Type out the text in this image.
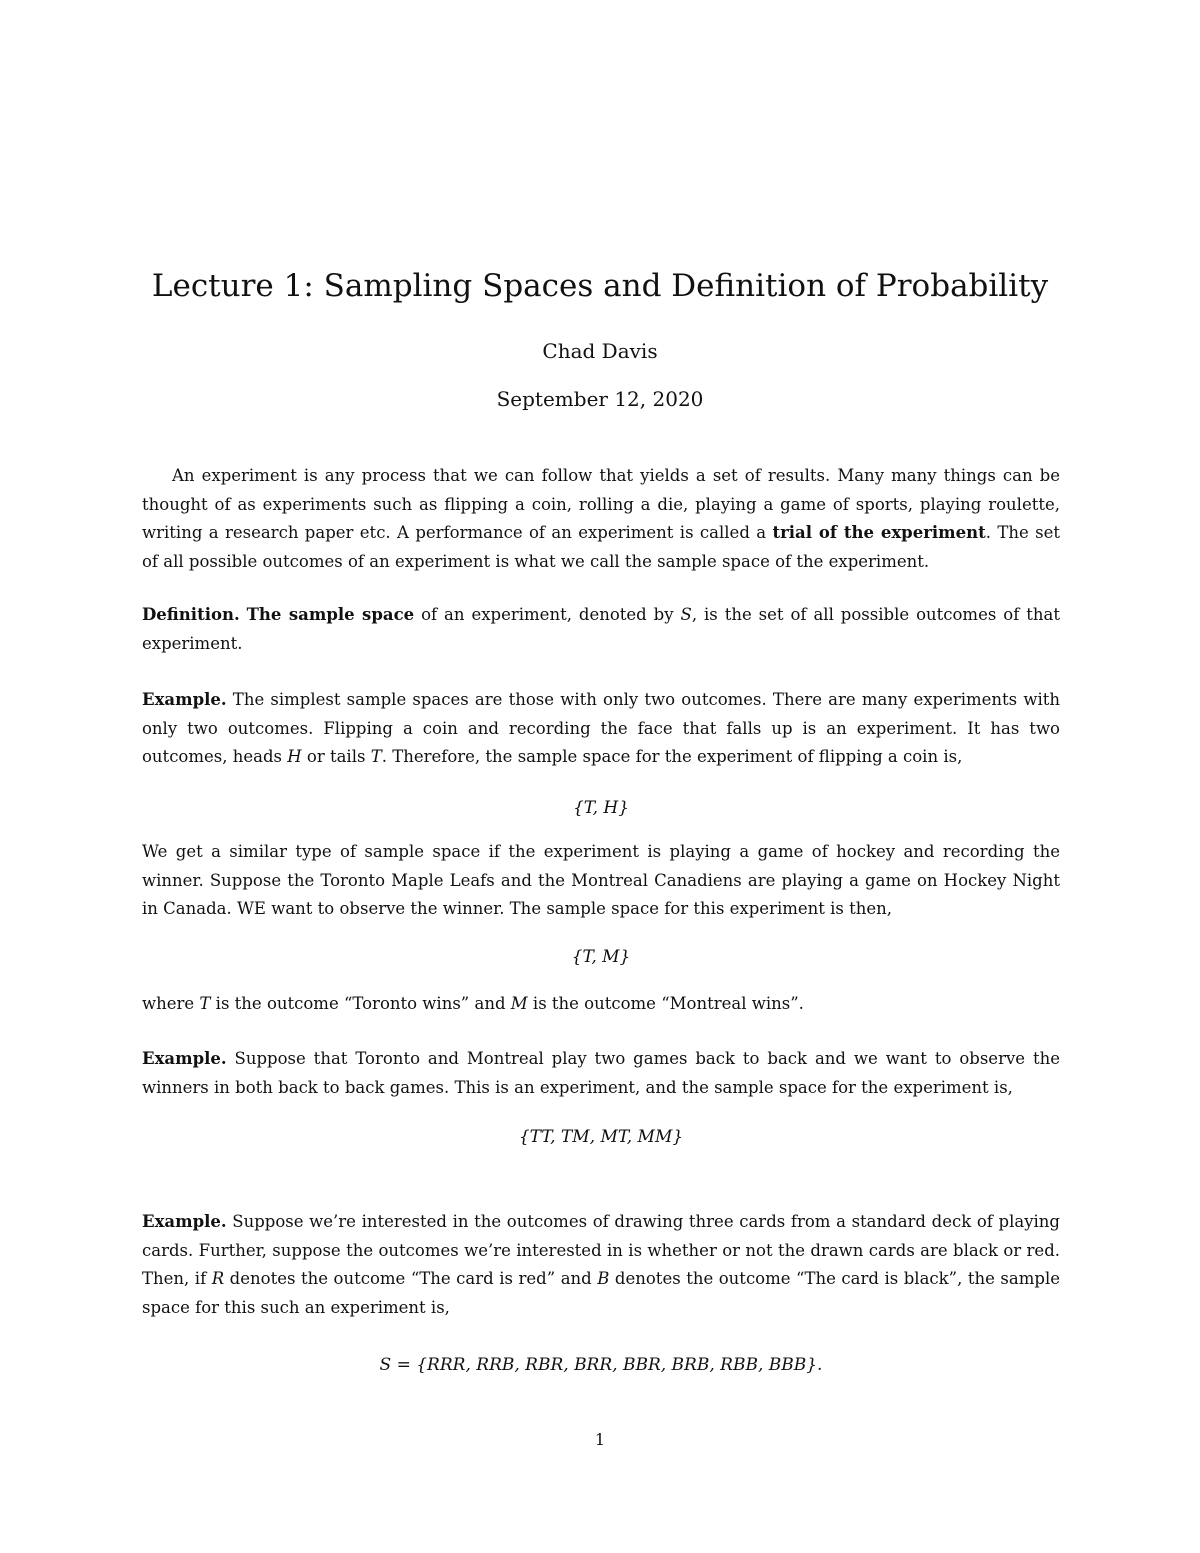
Lecture 1: Sampling Spaces and Definition of Probability
Chad Davis
September 12, 2020
An experiment is any process that we can follow that yields a set of results. Many many things can be thought of as experiments such as flipping a coin, rolling a die, playing a game of sports, playing roulette, writing a research paper etc. A performance of an experiment is called a trial of the experiment. The set of all possible outcomes of an experiment is what we call the sample space of the experiment.
Definition. The sample space of an experiment, denoted by S, is the set of all possible outcomes of that experiment.
Example. The simplest sample spaces are those with only two outcomes. There are many experiments with only two outcomes. Flipping a coin and recording the face that falls up is an experiment. It has two outcomes, heads H or tails T. Therefore, the sample space for the experiment of flipping a coin is,
{T, H}
We get a similar type of sample space if the experiment is playing a game of hockey and recording the winner. Suppose the Toronto Maple Leafs and the Montreal Canadiens are playing a game on Hockey Night in Canada. WE want to observe the winner. The sample space for this experiment is then,
{T, M}
where T is the outcome “Toronto wins” and M is the outcome “Montreal wins”.
Example. Suppose that Toronto and Montreal play two games back to back and we want to observe the winners in both back to back games. This is an experiment, and the sample space for the experiment is,
{TT, TM, MT, MM}
Example. Suppose we’re interested in the outcomes of drawing three cards from a standard deck of playing cards. Further, suppose the outcomes we’re interested in is whether or not the drawn cards are black or red. Then, if R denotes the outcome “The card is red” and B denotes the outcome “The card is black”, the sample space for this such an experiment is,
S = {RRR, RRB, RBR, BRR, BBR, BRB, RBB, BBB}.
1
